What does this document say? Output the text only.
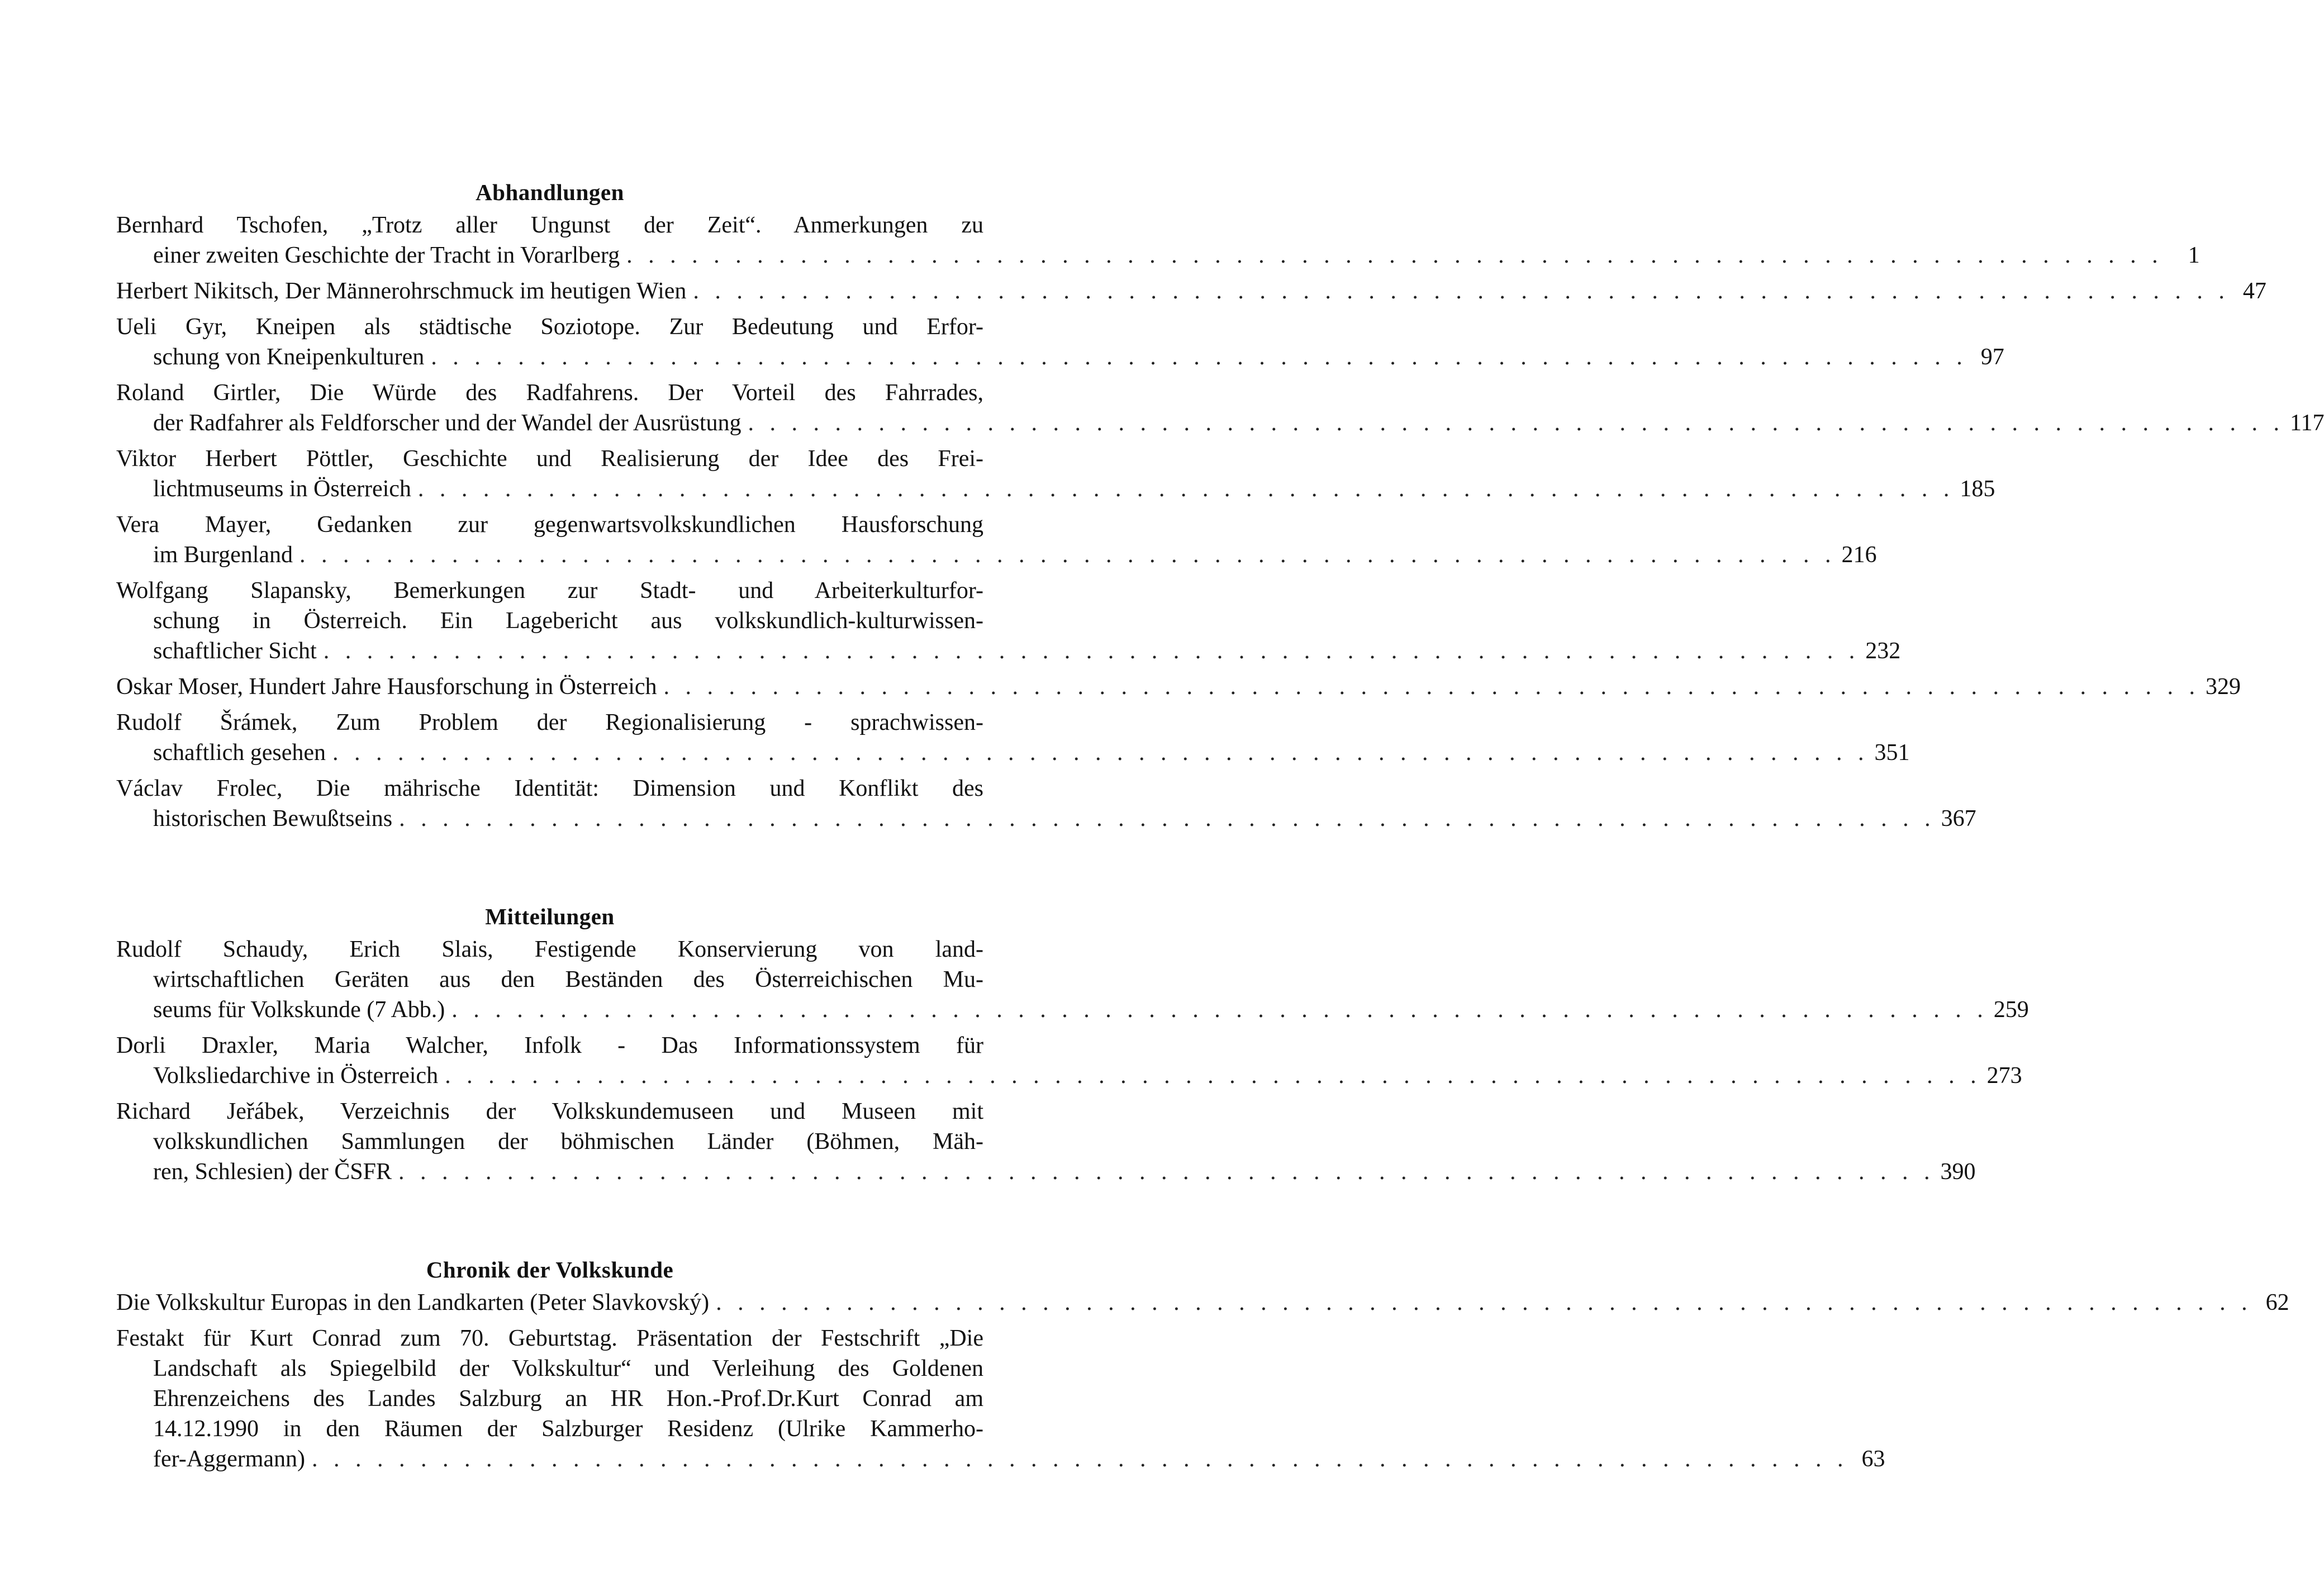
Abhandlungen
Bernhard Tschofen, „Trotz aller Ungunst der Zeit“. Anmerkungen zu
einer zweiten Geschichte der Tracht in Vorarlberg . . . . . . . . . . . . . . . . . . . . . . . . . . . . . . . . . . . . . . . . . . . . . . . . . . . . . . . . . . . . . . . . . . . . . . .	1
Herbert Nikitsch, Der Männerohrschmuck im heutigen Wien . . . . . . . . . . . . . . . . . . . . . . . . . . . . . . . . . . . . . . . . . . . . . . . . . . . . . . . . . . . . . . . . . . . . . . . 47
Ueli Gyr, Kneipen als städtische Soziotope. Zur Bedeutung und Erfor-
schung von Kneipenkulturen . . . . . . . . . . . . . . . . . . . . . . . . . . . . . . . . . . . . . . . . . . . . . . . . . . . . . . . . . . . . . . . . . . . . . . . 97
Roland Girtler, Die Würde des Radfahrens. Der Vorteil des Fahrrades,
der Radfahrer als Feldforscher und der Wandel der Ausrüstung . . . . . . . . . . . . . . . . . . . . . . . . . . . . . . . . . . . . . . . . . . . . . . . . . . . . . . . . . . . . . . . . . . . . . . . 117
Viktor Herbert Pöttler, Geschichte und Realisierung der Idee des Frei-
lichtmuseums in Österreich . . . . . . . . . . . . . . . . . . . . . . . . . . . . . . . . . . . . . . . . . . . . . . . . . . . . . . . . . . . . . . . . . . . . . . . 185
Vera Mayer, Gedanken zur gegenwartsvolkskundlichen Hausforschung
im Burgenland . . . . . . . . . . . . . . . . . . . . . . . . . . . . . . . . . . . . . . . . . . . . . . . . . . . . . . . . . . . . . . . . . . . . . . . 216
Wolfgang Slapansky, Bemerkungen zur Stadt- und Arbeiterkulturfor-
schung in Österreich. Ein Lagebericht aus volkskundlich-kulturwissen-
schaftlicher Sicht . . . . . . . . . . . . . . . . . . . . . . . . . . . . . . . . . . . . . . . . . . . . . . . . . . . . . . . . . . . . . . . . . . . . . . . 232
Oskar Moser, Hundert Jahre Hausforschung in Österreich . . . . . . . . . . . . . . . . . . . . . . . . . . . . . . . . . . . . . . . . . . . . . . . . . . . . . . . . . . . . . . . . . . . . . . . 329
Rudolf Šrámek, Zum Problem der Regionalisierung - sprachwissen-
schaftlich gesehen . . . . . . . . . . . . . . . . . . . . . . . . . . . . . . . . . . . . . . . . . . . . . . . . . . . . . . . . . . . . . . . . . . . . . . . 351
Václav Frolec, Die mährische Identität: Dimension und Konflikt des
historischen Bewußtseins . . . . . . . . . . . . . . . . . . . . . . . . . . . . . . . . . . . . . . . . . . . . . . . . . . . . . . . . . . . . . . . . . . . . . . . 367
Mitteilungen
Rudolf Schaudy, Erich Slais, Festigende Konservierung von land-
wirtschaftlichen Geräten aus den Beständen des Österreichischen Mu-
seums für Volkskunde (7 Abb.) . . . . . . . . . . . . . . . . . . . . . . . . . . . . . . . . . . . . . . . . . . . . . . . . . . . . . . . . . . . . . . . . . . . . . . . 259
Dorli Draxler, Maria Walcher, Infolk - Das Informationssystem für
Volksliedarchive in Österreich . . . . . . . . . . . . . . . . . . . . . . . . . . . . . . . . . . . . . . . . . . . . . . . . . . . . . . . . . . . . . . . . . . . . . . . 273
Richard Jeřábek, Verzeichnis der Volkskundemuseen und Museen mit
volkskundlichen Sammlungen der böhmischen Länder (Böhmen, Mäh-
ren, Schlesien) der ČSFR . . . . . . . . . . . . . . . . . . . . . . . . . . . . . . . . . . . . . . . . . . . . . . . . . . . . . . . . . . . . . . . . . . . . . . . 390
Chronik der Volkskunde
Die Volkskultur Europas in den Landkarten (Peter Slavkovský) . . . . . . . . . . . . . . . . . . . . . . . . . . . . . . . . . . . . . . . . . . . . . . . . . . . . . . . . . . . . . . . . . . . . . . . 62
Festakt für Kurt Conrad zum 70. Geburtstag. Präsentation der Festschrift „Die
Landschaft als Spiegelbild der Volkskultur“ und Verleihung des Goldenen
Ehrenzeichens des Landes Salzburg an HR Hon.-Prof.Dr.Kurt Conrad am
14.12.1990 in den Räumen der Salzburger Residenz (Ulrike Kammerho-
fer-Aggermann) . . . . . . . . . . . . . . . . . . . . . . . . . . . . . . . . . . . . . . . . . . . . . . . . . . . . . . . . . . . . . . . . . . . . . . . 63
